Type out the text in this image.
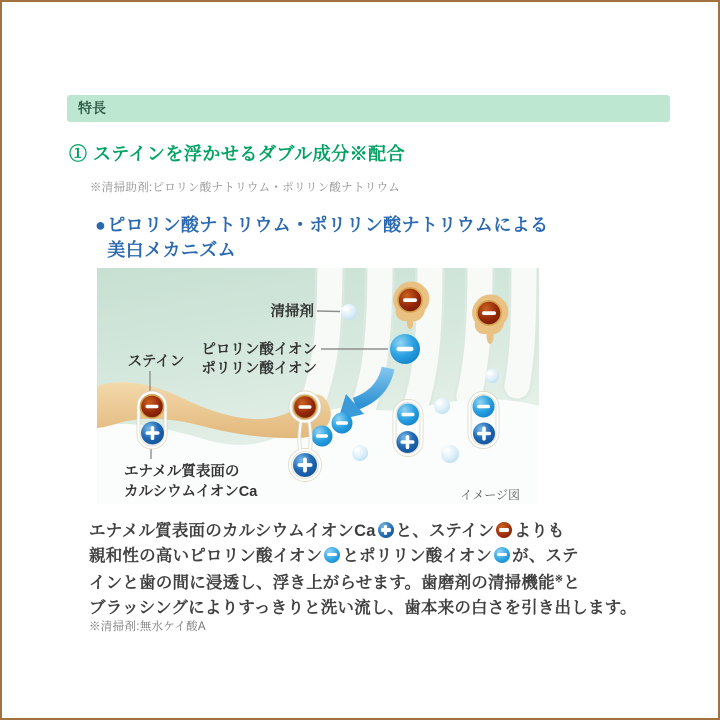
特長
① ステインを浮かせるダブル成分※配合
※清掃助剤:ピロリン酸ナトリウム・ポリリン酸ナトリウム
● ピロリン酸ナトリウム・ポリリン酸ナトリウムによる
美白メカニズム
清掃剤
ピロリン酸イオン
ポリリン酸イオン
ステイン
エナメル質表面の
カルシウムイオンCa	イメージ図
エナメル質表面のカルシウムイオンCa と、ステイン よりも
親和性の高いピロリン酸イオン とポリリン酸イオン が、ステ
インと歯の間に浸透し、浮き上がらせます。歯磨剤の清掃機能※と
ブラッシングによりすっきりと洗い流し、歯本来の白さを引き出します。
※清掃剤:無水ケイ酸A
